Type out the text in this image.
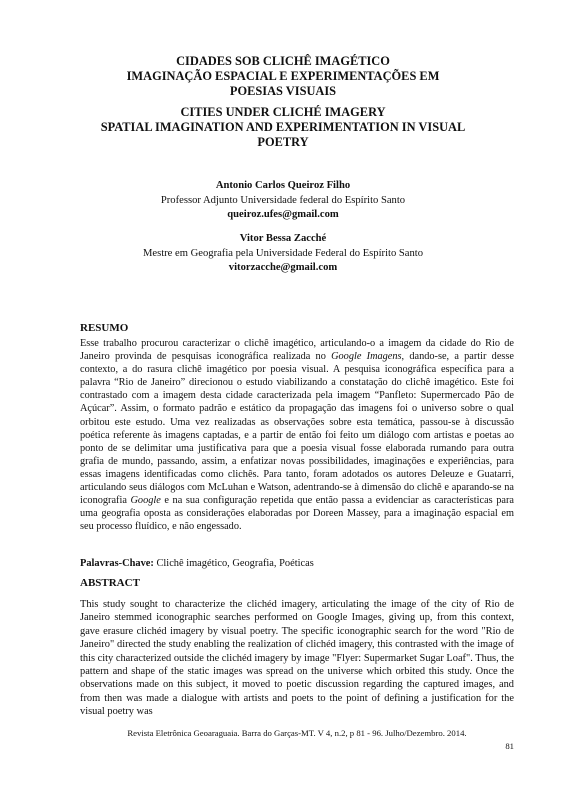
CIDADES SOB CLICHÊ IMAGÉTICO
IMAGINAÇÃO ESPACIAL E EXPERIMENTAÇÕES EM
POESIAS VISUAIS
CITIES UNDER CLICHÉ IMAGERY
SPATIAL IMAGINATION AND EXPERIMENTATION IN VISUAL
POETRY
Antonio Carlos Queiroz Filho
Professor Adjunto Universidade federal do Espírito Santo
queiroz.ufes@gmail.com
Vitor Bessa Zacché
Mestre em Geografia pela Universidade Federal do Espírito Santo
vitorzacche@gmail.com
RESUMO

Esse trabalho procurou caracterizar o clichê imagético, articulando-o a imagem da cidade do Rio de Janeiro provinda de pesquisas iconográfica realizada no Google Imagens, dando-se, a partir desse contexto, a do rasura clichê imagético por poesia visual. A pesquisa iconográfica específica para a palavra “Rio de Janeiro” direcionou o estudo viabilizando a constatação do clichê imagético. Este foi contrastado com a imagem desta cidade caracterizada pela imagem “Panfleto: Supermercado Pão de Açúcar”. Assim, o formato padrão e estático da propagação das imagens foi o universo sobre o qual orbitou este estudo. Uma vez realizadas as observações sobre esta temática, passou-se à discussão poética referente às imagens captadas, e a partir de então foi feito um diálogo com artistas e poetas ao ponto de se delimitar uma justificativa para que a poesia visual fosse elaborada rumando para outra grafia de mundo, passando, assim, a enfatizar novas possibilidades, imaginações e experiências, para essas imagens identificadas como clichês. Para tanto, foram adotados os autores Deleuze e Guatarri, articulando seus diálogos com McLuhan e Watson, adentrando-se à dimensão do clichê e aparando-se na iconografia Google e na sua configuração repetida que então passa a evidenciar as características para uma geografia oposta as considerações elaboradas por Doreen Massey, para a imaginação espacial em seu processo fluídico, e não engessado.

Palavras-Chave: Clichê imagético, Geografia, Poéticas
ABSTRACT

This study sought to characterize the clichéd imagery, articulating the image of the city of Rio de Janeiro stemmed iconographic searches performed on Google Images, giving up, from this context, gave erasure clichéd imagery by visual poetry. The specific iconographic search for the word "Rio de Janeiro" directed the study enabling the realization of clichéd imagery, this contrasted with the image of this city characterized outside the clichéd imagery by image "Flyer: Supermarket Sugar Loaf". Thus, the pattern and shape of the static images was spread on the universe which orbited this study. Once the observations made on this subject, it moved to poetic discussion regarding the captured images, and from then was made a dialogue with artists and poets to the point of defining a justification for the visual poetry was

Revista Eletrônica Geoaraguaia. Barra do Garças-MT. V 4, n.2, p 81 - 96. Julho/Dezembro. 2014.
81
